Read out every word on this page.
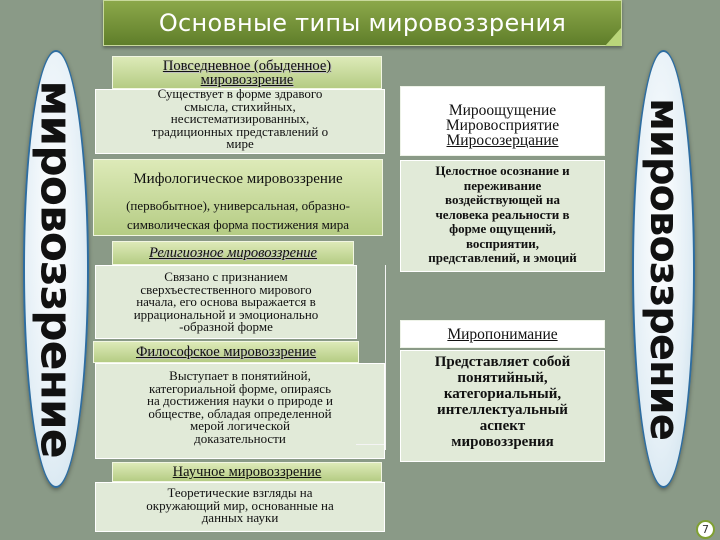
Основные типы мировоззрения
мировоззрение	мировоззрение
Повседневное (обыденное)
мировоззрение
Существует в форме здравого
смысла, стихийных,
несистематизированных,
традиционных представлений о
мире
Мифологическое мировоззрение
(первобытное), универсальная, образно-
символическая форма постижения мира
Религиозное мировоззрение
Связано с признанием
сверхъестественного мирового
начала, его основа выражается в
иррациональной и эмоционально
-образной форме
Философское мировоззрение
Выступает в понятийной,
категориальной форме, опираясь
на достижения науки о природе и
обществе, обладая определенной
мерой логической
доказательности
Научное мировоззрение
Теоретические взгляды на
окружающий мир, основанные на
данных науки
Мироощущение
Мировосприятие
Миросозерцание
Целостное осознание и
переживание
воздействующей на
человека реальности в
форме ощущений,
восприятии,
представлений, и эмоций
Миропонимание
Представляет собой
понятийный,
категориальный,
интеллектуальный
аспект
мировоззрения
7
